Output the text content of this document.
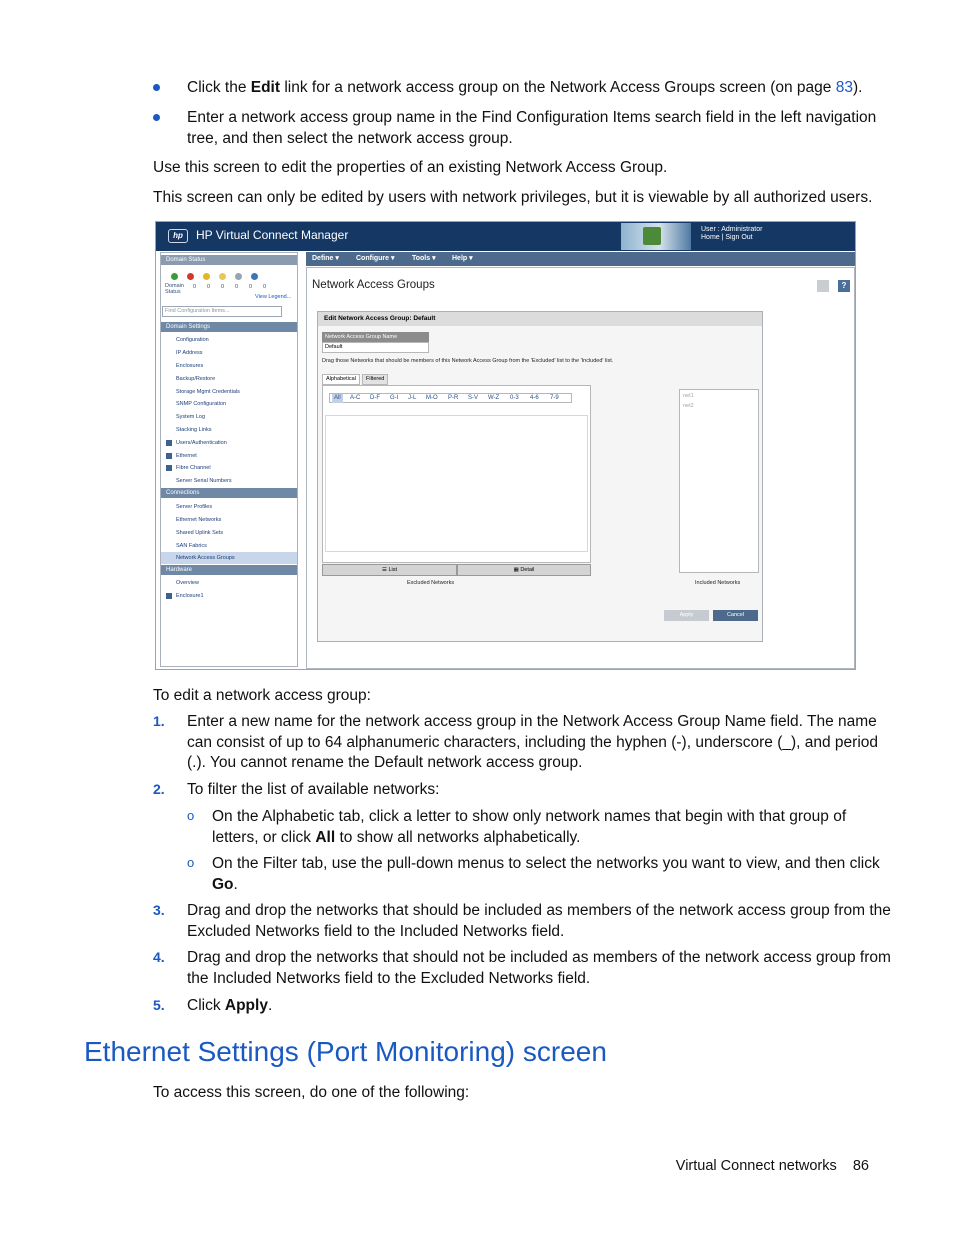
Click the Edit link for a network access group on the Network Access Groups screen (on page 83).
Enter a network access group name in the Find Configuration Items search field in the left navigation
tree, and then select the network access group.
Use this screen to edit the properties of an existing Network Access Group.
This screen can only be edited by users with network privileges, but it is viewable by all authorized users.
hp	HP Virtual Connect Manager	User : Administrator
Home | Sign Out
Define ▾ Configure ▾ Tools ▾ Help ▾
Domain Status
Domain Status
0 0 0 0 0 0
View Legend...
Find Configuration Items...
Domain Settings
Configuration
IP Address
Enclosures
Backup/Restore
Storage Mgmt Credentials
SNMP Configuration
System Log
Stacking Links
Users/Authentication
Ethernet
Fibre Channel
Server Serial Numbers
Connections
Server Profiles
Ethernet Networks
Shared Uplink Sets
SAN Fabrics
Network Access Groups
Hardware
Overview
Enclosure1
Network Access Groups	?
Edit Network Access Group: Default
Network Access Group Name
Default
Drag those Networks that should be members of this Network Access Group from the 'Excluded' list to the 'Included' list.
Alphabetical	Filtered
All	A-C D-F G-I J-L M-O P-R S-V W-Z 0-3 4-6 7-9
☰ List	▦ Detail
Excluded Networks
net1
net2
Included Networks
Apply	Cancel
To edit a network access group:
1. Enter a new name for the network access group in the Network Access Group Name field. The name
can consist of up to 64 alphanumeric characters, including the hyphen (-), underscore (_), and period
(.). You cannot rename the Default network access group.
2. To filter the list of available networks:
o On the Alphabetic tab, click a letter to show only network names that begin with that group of
letters, or click All to show all networks alphabetically.
o On the Filter tab, use the pull-down menus to select the networks you want to view, and then click
Go.
3. Drag and drop the networks that should be included as members of the network access group from the
Excluded Networks field to the Included Networks field.
4. Drag and drop the networks that should not be included as members of the network access group from
the Included Networks field to the Excluded Networks field.
5. Click Apply.
Ethernet Settings (Port Monitoring) screen
To access this screen, do one of the following:
Virtual Connect networks 86
